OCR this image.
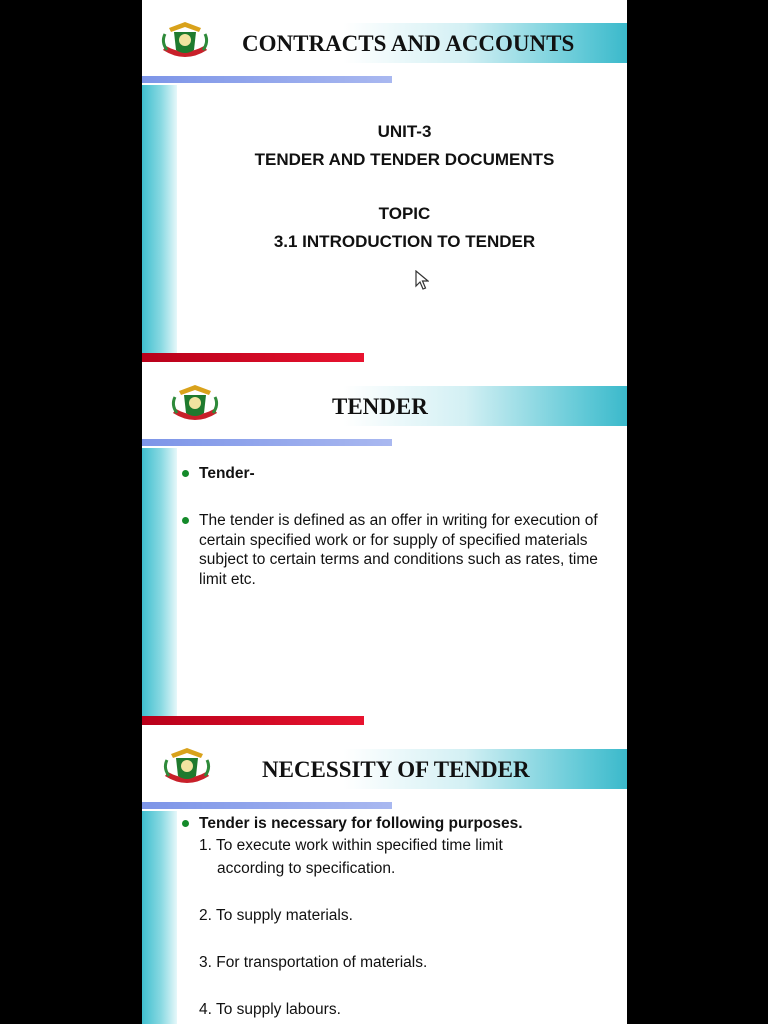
CONTRACTS AND ACCOUNTS

UNIT-3

TENDER AND TENDER DOCUMENTS

TOPIC

3.1 INTRODUCTION TO TENDER

TENDER
Tender-
The tender is defined as an offer in writing for execution of certain specified work or for supply of specified materials subject to certain terms and conditions such as rates, time limit etc.
NECESSITY OF TENDER
Tender is necessary for following purposes.
1. To execute work within specified time limit according to specification.
2. To supply materials.
3. For transportation of materials.
4. To supply labours.
